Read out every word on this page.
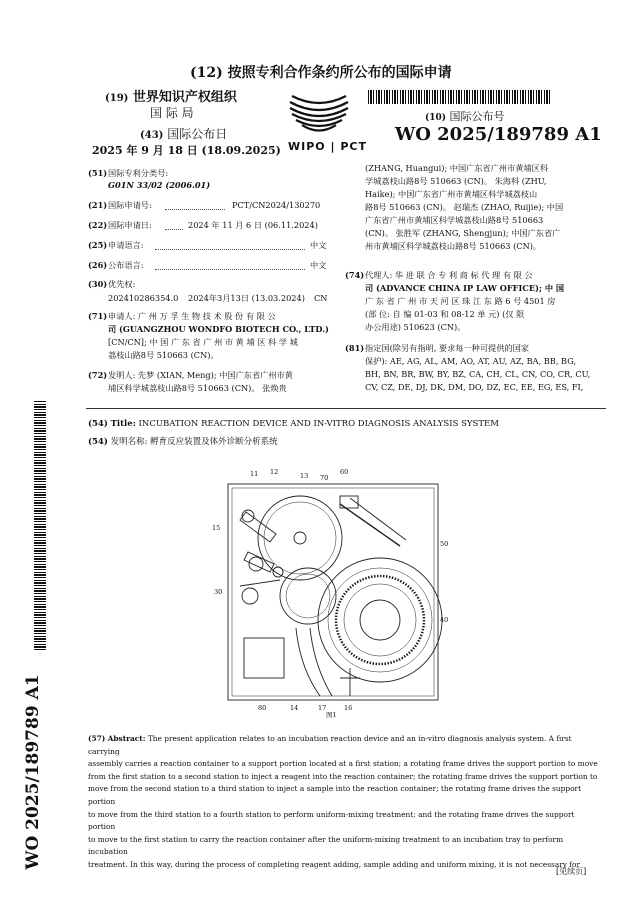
(12) 按照专利合作条约所公布的国际申请
(19) 世界知识产权组织
国 际 局
(43) 国际公布日
2025 年 9 月 18 日 (18.09.2025) WIPO | PCT
(10) 国际公布号
WO 2025/189789 A1
(51) 国际专利分类号:
G01N 33/02 (2006.01)
(21) 国际申请号:	PCT/CN2024/130270
(22) 国际申请日:	2024 年 11 月 6 日 (06.11.2024)
(25) 申请语言:	中文
(26) 公布语言:	中文
(30) 优先权:
202410286354.0 2024年3月13日 (13.03.2024) CN
(71) 申请人: 广 州 万 孚 生 物 技 术 股 份 有 限 公
司 (GUANGZHOU WONDFO BIOTECH CO., LTD.)
[CN/CN]; 中 国 广 东 省 广 州 市 黄 埔 区 科 学 城
荔枝山路8号 510663 (CN)。
(72) 发明人: 先梦 (XIAN, Meng); 中国广东省广州市黄
埔区科学城荔枝山路8号 510663 (CN)。 张焕贵
(ZHANG, Huangui); 中国广东省广州市黄埔区科
学城荔枝山路8号 510663 (CN)。 朱海科 (ZHU,
Haike); 中国广东省广州市黄埔区科学城荔枝山
路8号 510663 (CN)。 赵瑞杰 (ZHAO, Ruijie); 中国
广东省广州市黄埔区科学城荔枝山路8号 510663
(CN)。 张胜军 (ZHANG, Shengjun); 中国广东省广
州市黄埔区科学城荔枝山路8号 510663 (CN)。
(74) 代理人: 华 进 联 合 专 利 商 标 代 理 有 限 公
司 (ADVANCE CHINA IP LAW OFFICE); 中 国
广 东 省 广 州 市 天 河 区 珠 江 东 路 6 号 4501 房
(部 位: 自 编 01-03 和 08-12 单 元) (仅 限
办公用途) 510623 (CN)。
(81) 指定国(除另有指明, 要求每一种可提供的国家
保护): AE, AG, AL, AM, AO, AT, AU, AZ, BA, BB, BG,
BH, BN, BR, BW, BY, BZ, CA, CH, CL, CN, CO, CR, CU,
CV, CZ, DE, DJ, DK, DM, DO, DZ, EC, EE, EG, ES, FI,
(54) Title: INCUBATION REACTION DEVICE AND IN-VITRO DIAGNOSIS ANALYSIS SYSTEM
(54) 发明名称: 孵育反应装置及体外诊断分析系统
11 12	13 70
60
15
50
30
40
80	14	17	16
图1
(57) Abstract: The present application relates to an incubation reaction device and an in-vitro diagnosis analysis system. A first carrying
assembly carries a reaction container to a support portion located at a first station; a rotating frame drives the support portion to move
from the first station to a second station to inject a reagent into the reaction container; the rotating frame drives the support portion to
move from the second station to a third station to inject a sample into the reaction container; the rotating frame drives the support portion
to move from the third station to a fourth station to perform uniform-mixing treatment; and the rotating frame drives the support portion
to move to the first station to carry the reaction container after the uniform-mixing treatment to an incubation tray to perform incubation
treatment. In this way, during the process of completing reagent adding, sample adding and uniform mixing, it is not necessary for
WO 2025/189789 A1
[见续页]
